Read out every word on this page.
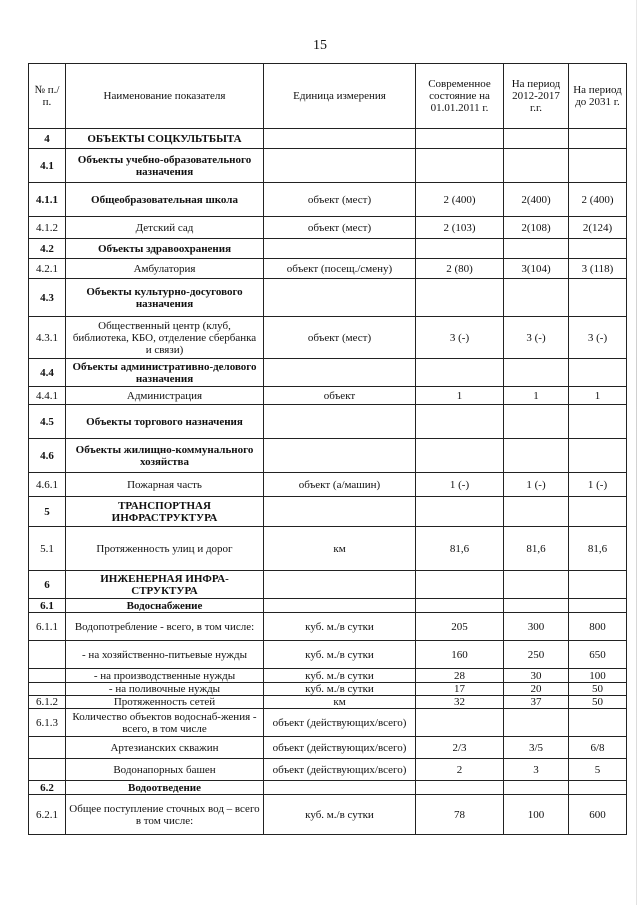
15
№ п./п.	Наименование показателя	Единица измерения	Современное состояние на 01.01.2011 г.	На период 2012-2017 г.г.	На период до 2031 г.
4	ОБЪЕКТЫ СОЦКУЛЬТБЫТА				
4.1	Объекты учебно-образовательного назначения				
4.1.1	Общеобразовательная школа	объект (мест)	2 (400)	2(400)	2 (400)
4.1.2	Детский сад	объект (мест)	2 (103)	2(108)	2(124)
4.2	Объекты здравоохранения				
4.2.1	Амбулатория	объект (посещ./смену)	2 (80)	3(104)	3 (118)
4.3	Объекты культурно-досугового назначения				
4.3.1	Общественный центр (клуб, библиотека, КБО, отделение сбербанка и связи)	объект (мест)	3 (-)	3 (-)	3 (-)
4.4	Объекты административно-делового назначения				
4.4.1	Администрация	объект	1	1	1
4.5	Объекты торгового назначения				
4.6	Объекты жилищно-коммунального хозяйства				
4.6.1	Пожарная часть	объект (а/машин)	1 (-)	1 (-)	1 (-)
5	ТРАНСПОРТНАЯ ИНФРАСТРУКТУРА				
5.1	Протяженность улиц и дорог	км	81,6	81,6	81,6
6	ИНЖЕНЕРНАЯ ИНФРА-СТРУКТУРА				
6.1	Водоснабжение				
6.1.1	Водопотребление - всего, в том числе:	куб. м./в сутки	205	300	800
	- на хозяйственно-питьевые нужды	куб. м./в сутки	160	250	650
	- на производственные нужды	куб. м./в сутки	28	30	100
	- на поливочные нужды	куб. м./в сутки	17	20	50
6.1.2	Протяженность сетей	км	32	37	50
6.1.3	Количество объектов водоснаб-жения - всего, в том числе	объект (действующих/всего)			
	Артезианских скважин	объект (действующих/всего)	2/3	3/5	6/8
	Водонапорных башен	объект (действующих/всего)	2	3	5
6.2	Водоотведение				
6.2.1	Общее поступление сточных вод – всего в том числе:	куб. м./в сутки	78	100	600
